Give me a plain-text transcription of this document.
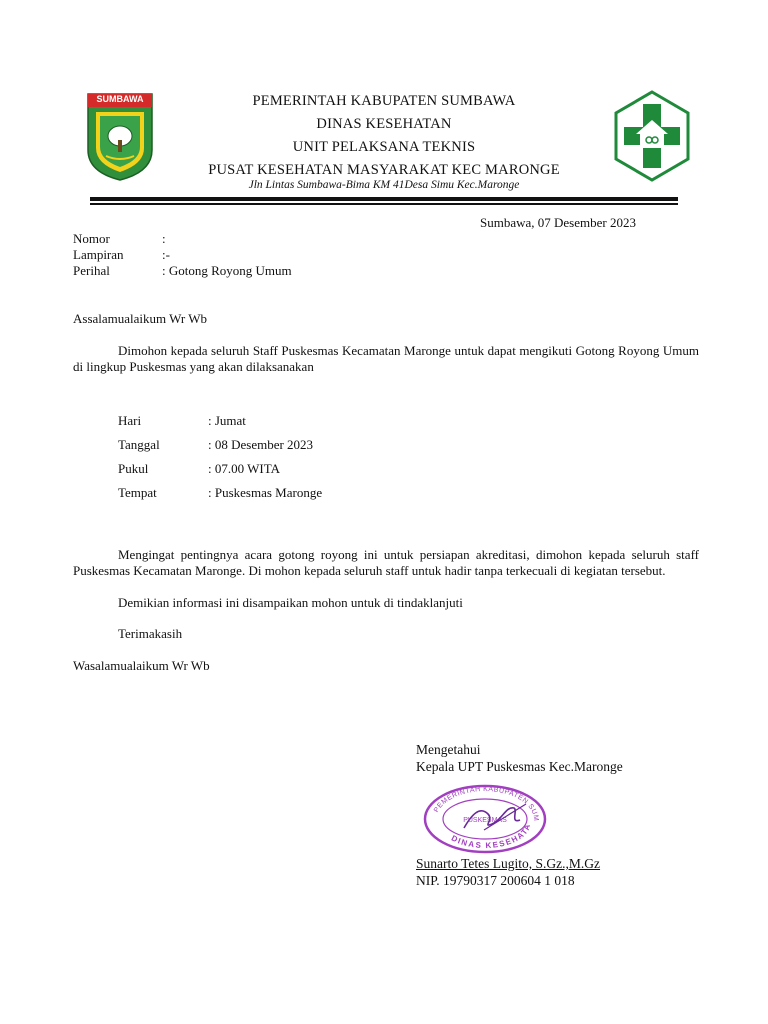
SUMBAWA	PEMERINTAH KABUPATEN SUMBAWA
DINAS KESEHATAN
UNIT PELAKSANA TEKNIS
PUSAT KESEHATAN MASYARAKAT KEC MARONGE
Jln Lintas Sumbawa-Bima KM 41Desa Simu Kec.Maronge
Sumbawa, 07 Desember 2023
Nomor	:
Lampiran	:-
Perihal	: Gotong Royong Umum
Assalamualaikum Wr Wb
Dimohon kepada seluruh Staff Puskesmas Kecamatan Maronge untuk dapat mengikuti Gotong Royong Umum di lingkup Puskesmas yang akan dilaksanakan
Hari	: Jumat
Tanggal	: 08 Desember 2023
Pukul	: 07.00 WITA
Tempat	: Puskesmas Maronge
Mengingat pentingnya acara gotong royong ini untuk persiapan akreditasi, dimohon kepada seluruh staff Puskesmas Kecamatan Maronge. Di mohon kepada seluruh staff untuk hadir tanpa terkecuali di kegiatan tersebut.
Demikian informasi ini disampaikan mohon untuk di tindaklanjuti
Terimakasih
Wasalamualaikum Wr Wb
Mengetahui
Kepala UPT Puskesmas Kec.Maronge
PEMERINTAH KABUPATEN SUM
DINAS KESEHATA
PUSKESMAS
Sunarto Tetes Lugito, S.Gz.,M.Gz
NIP. 19790317 200604 1 018
